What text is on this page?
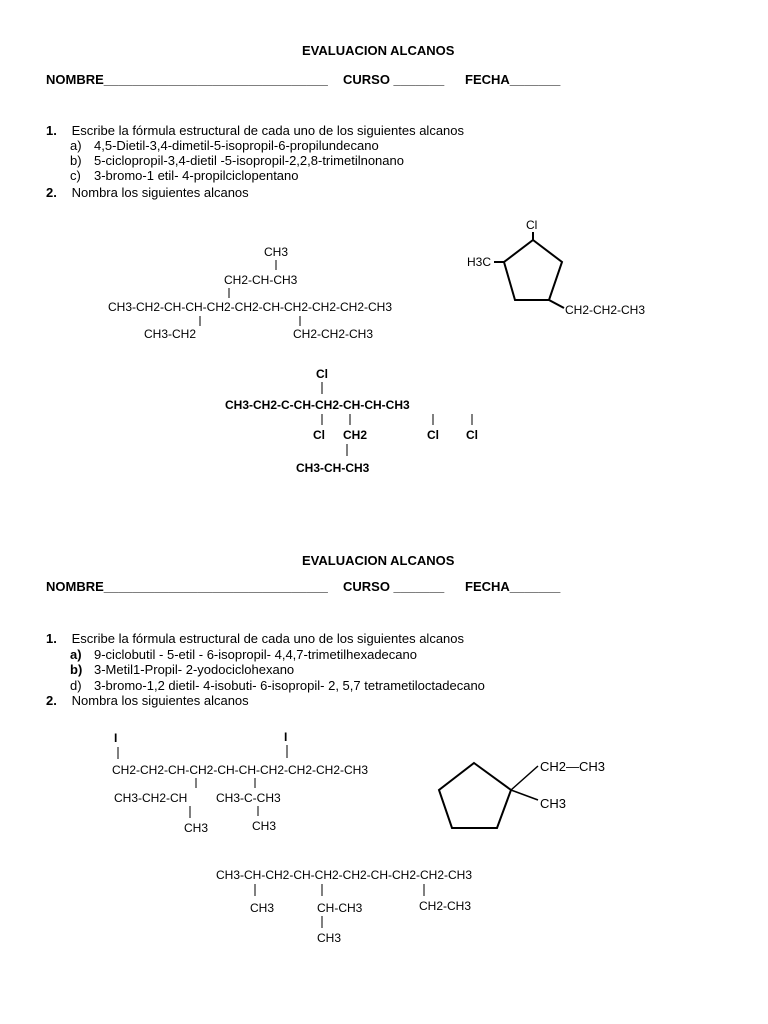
EVALUACION ALCANOS
NOMBRE_______________________________ CURSO _______ FECHA_______
1. Escribe la fórmula estructural de cada uno de los siguientes alcanos
a) 4,5-Dietil-3,4-dimetil-5-isopropil-6-propilundecano
b) 5-ciclopropil-3,4-dietil -5-isopropil-2,2,8-trimetilnonano
c) 3-bromo-1 etil- 4-propilciclopentano
2. Nombra los siguientes alcanos
CH3
CH2-CH-CH3
CH3-CH2-CH-CH-CH2-CH2-CH-CH2-CH2-CH2-CH3
CH3-CH2	CH2-CH2-CH3
Cl
H3C
CH2-CH2-CH3
Cl
CH3-CH2-C-CH-CH2-CH-CH-CH3
Cl CH2	Cl Cl
CH3-CH-CH3
EVALUACION ALCANOS
NOMBRE_______________________________ CURSO _______ FECHA_______
1. Escribe la fórmula estructural de cada uno de los siguientes alcanos
a) 9-ciclobutil - 5-etil - 6-isopropil- 4,4,7-trimetilhexadecano
b) 3-Metil1-Propil- 2-yodociclohexano
d) 3-bromo-1,2 dietil- 4-isobuti- 6-isopropil- 2, 5,7 tetrametiloctadecano
2. Nombra los siguientes alcanos
I	I
CH2-CH2-CH-CH2-CH-CH-CH2-CH2-CH2-CH3
CH3-CH2-CH CH3-C-CH3
CH3	CH3
CH2—CH3
CH3
CH3-CH-CH2-CH-CH2-CH2-CH-CH2-CH2-CH3
CH3	CH-CH3	CH2-CH3
CH3
